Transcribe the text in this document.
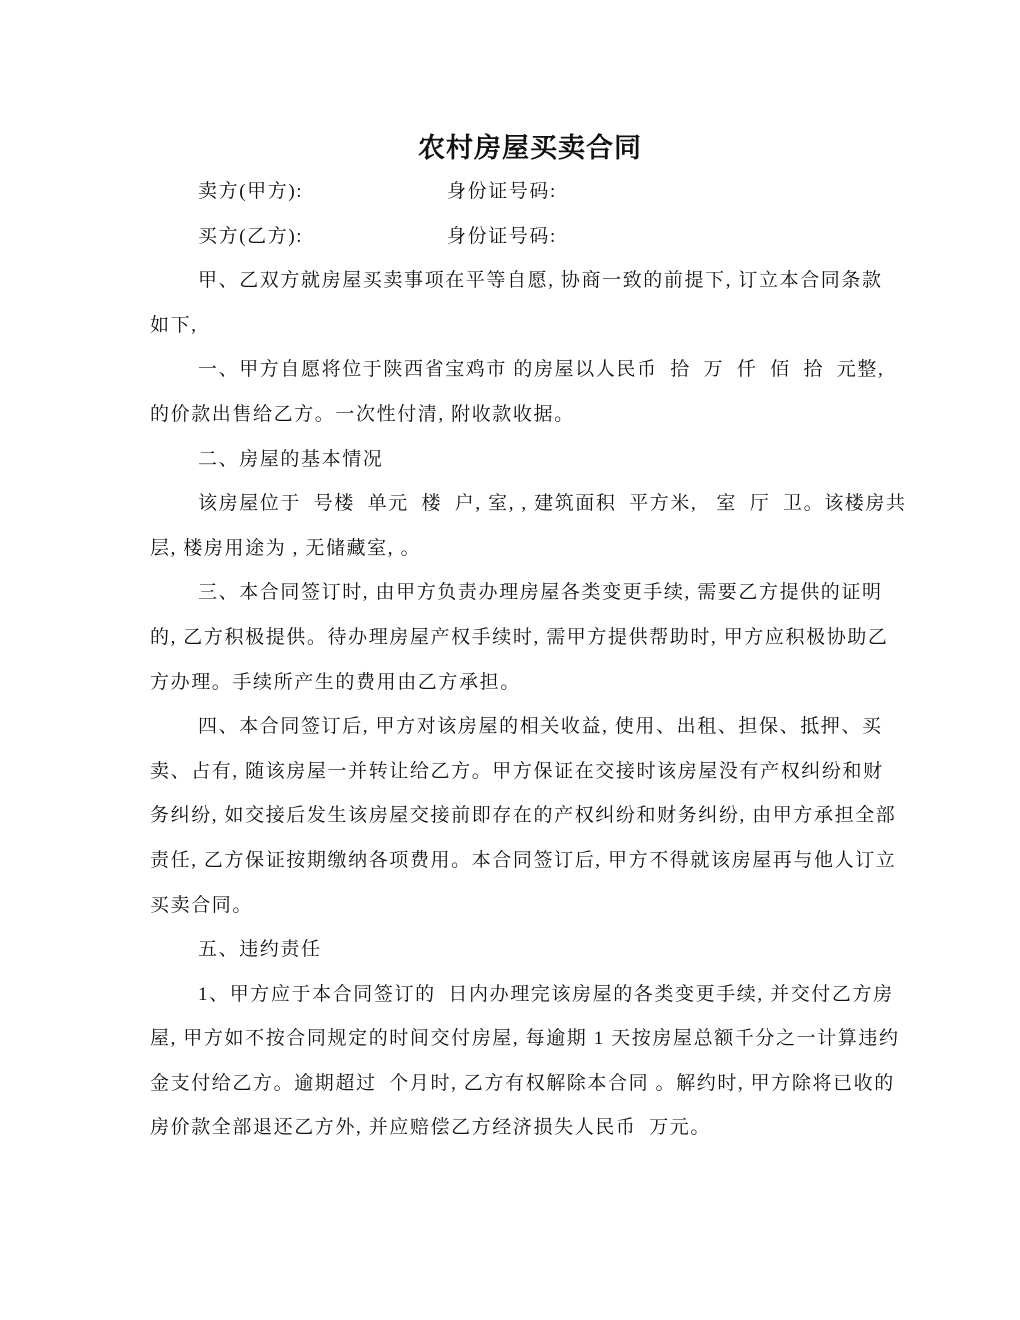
农村房屋买卖合同
卖方(甲方):	身份证号码:
买方(乙方):	身份证号码:
甲、乙双方就房屋买卖事项在平等自愿, 协商一致的前提下, 订立本合同条款
如下,
一、甲方自愿将位于陕西省宝鸡市 的房屋以人民币  拾  万  仟  佰  拾  元整,
的价款出售给乙方。一次性付清, 附收款收据。
二、房屋的基本情况
该房屋位于  号楼  单元  楼  户, 室, , 建筑面积  平方米,   室  厅  卫。该楼房共
层, 楼房用途为 , 无储藏室, 。
三、本合同签订时, 由甲方负责办理房屋各类变更手续, 需要乙方提供的证明
的, 乙方积极提供。待办理房屋产权手续时, 需甲方提供帮助时, 甲方应积极协助乙
方办理。手续所产生的费用由乙方承担。
四、本合同签订后, 甲方对该房屋的相关收益, 使用、出租、担保、抵押、买
卖、占有, 随该房屋一并转让给乙方。甲方保证在交接时该房屋没有产权纠纷和财
务纠纷, 如交接后发生该房屋交接前即存在的产权纠纷和财务纠纷, 由甲方承担全部
责任, 乙方保证按期缴纳各项费用。本合同签订后, 甲方不得就该房屋再与他人订立
买卖合同。
五、违约责任
1、甲方应于本合同签订的  日内办理完该房屋的各类变更手续, 并交付乙方房
屋, 甲方如不按合同规定的时间交付房屋, 每逾期 1 天按房屋总额千分之一计算违约
金支付给乙方。逾期超过  个月时, 乙方有权解除本合同 。解约时, 甲方除将已收的
房价款全部退还乙方外, 并应赔偿乙方经济损失人民币  万元。
